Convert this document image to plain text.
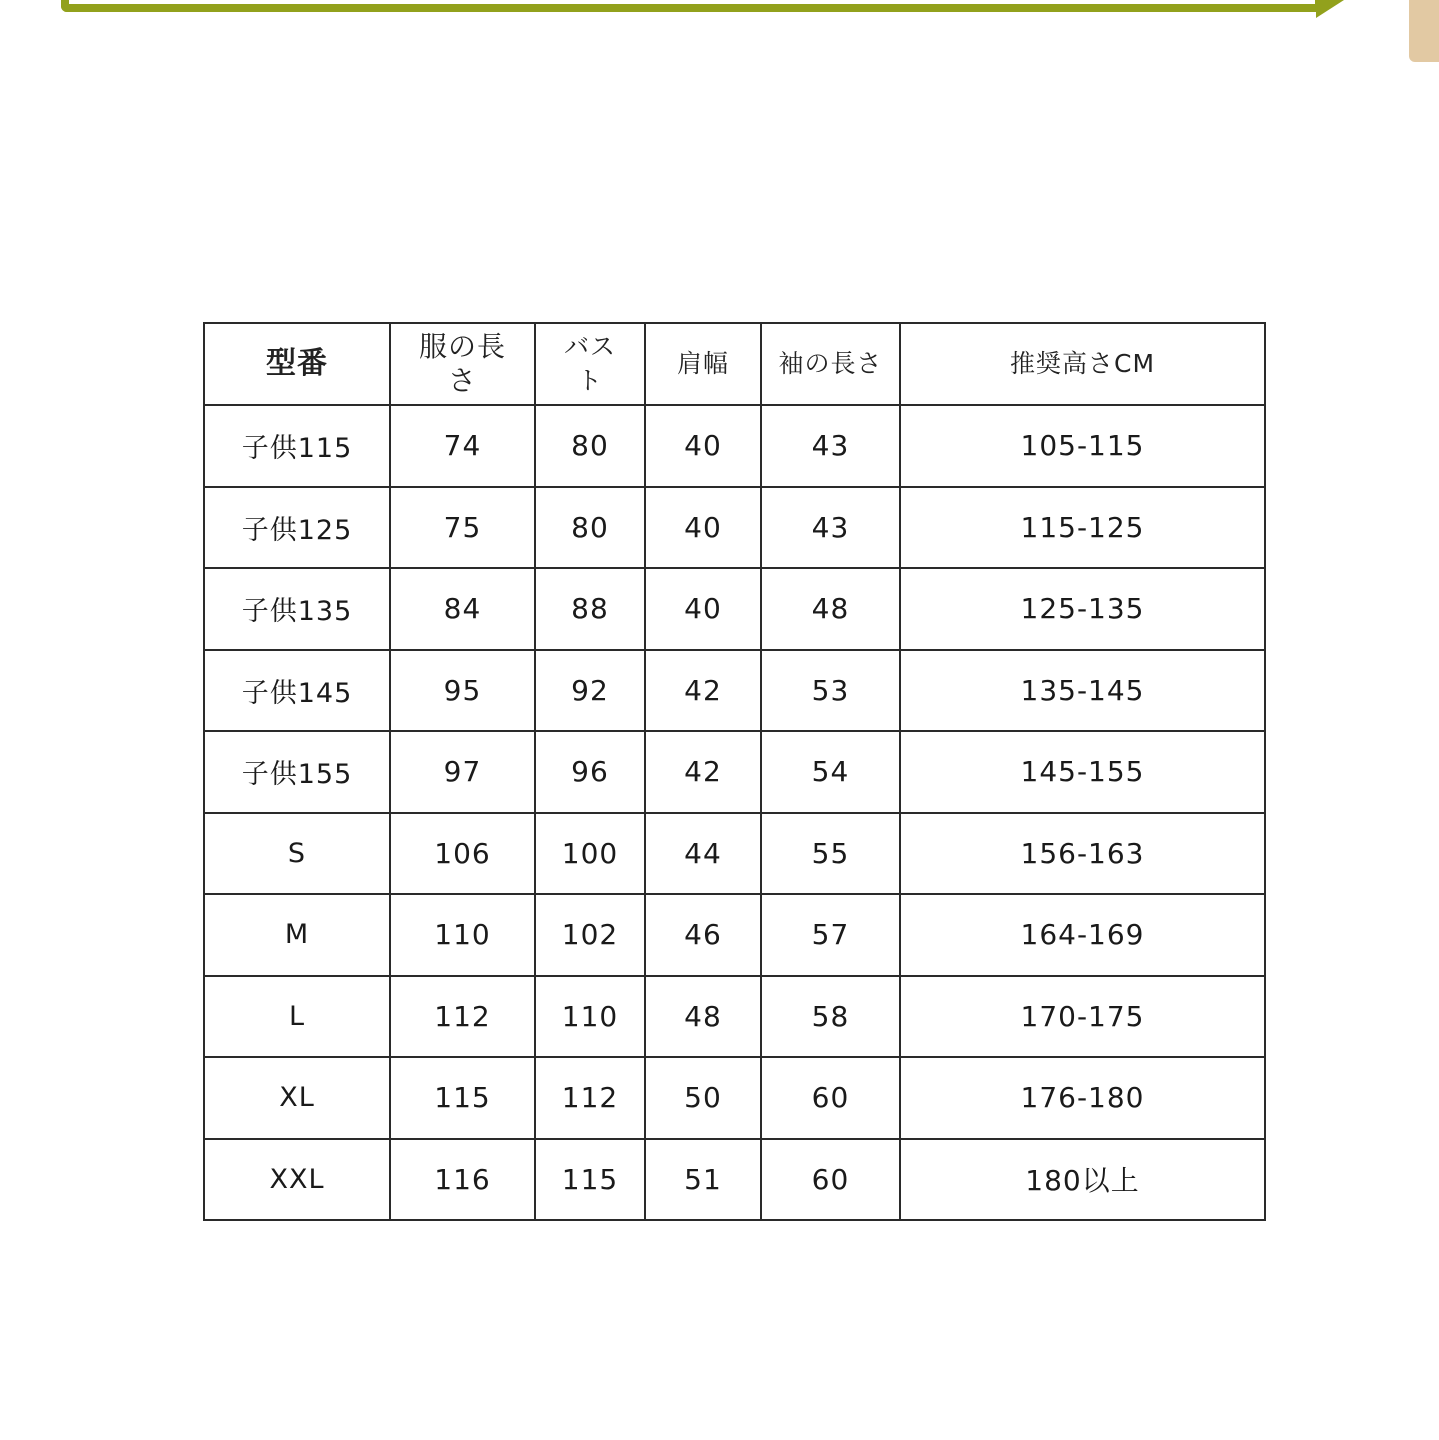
型番	服の長さ	バスト	肩幅	袖の長さ	推奨高さCM
子供115	74	80	40	43	105-115
子供125	75	80	40	43	115-125
子供135	84	88	40	48	125-135
子供145	95	92	42	53	135-145
子供155	97	96	42	54	145-155
S	106	100	44	55	156-163
M	110	102	46	57	164-169
L	112	110	48	58	170-175
XL	115	112	50	60	176-180
XXL	116	115	51	60	180以上
